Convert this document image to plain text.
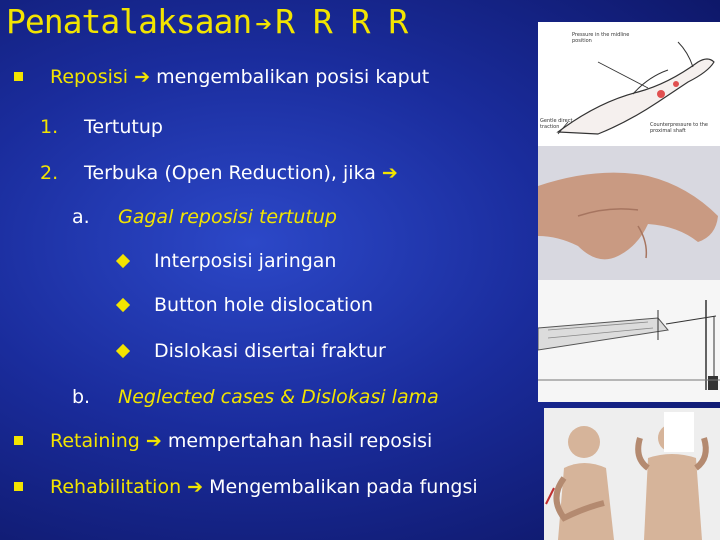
Penatalaksaan ➔ R R R R
Reposisi ➔ mengembalikan posisi kaput
1. Tertutup
2. Terbuka (Open Reduction), jika ➔
a. Gagal reposisi tertutup
Interposisi jaringan
Button hole dislocation
Dislokasi disertai fraktur
b. Neglected cases & Dislokasi lama
Retaining ➔ mempertahan hasil reposisi
Rehabilitation ➔ Mengembalikan pada fungsi
Pressure in the midline position
Gentle direct traction	Counterpressure to the proximal shaft
